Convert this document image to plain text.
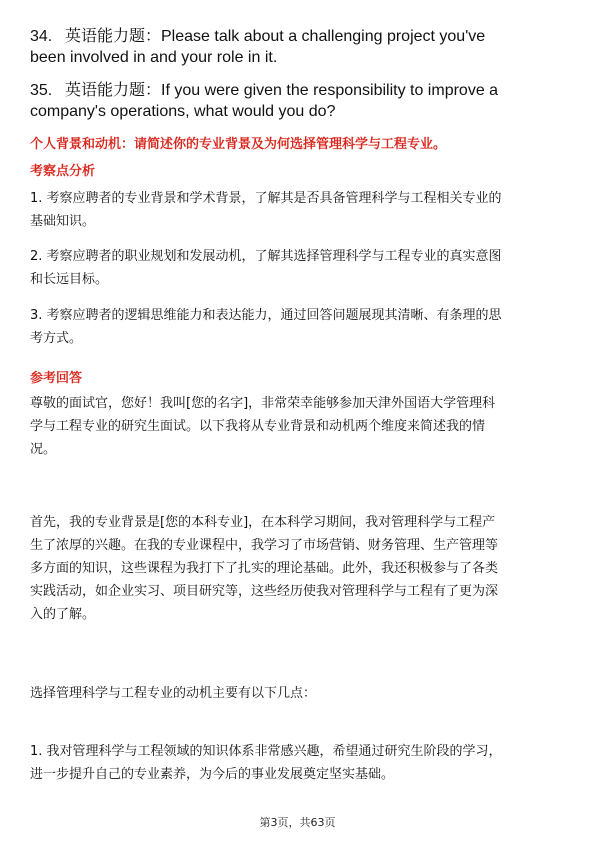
34. 英语能力题：Please talk about a challenging project you've
been involved in and your role in it.
35. 英语能力题：If you were given the responsibility to improve a
company's operations, what would you do?
个人背景和动机：请简述你的专业背景及为何选择管理科学与工程专业。
考察点分析
1. 考察应聘者的专业背景和学术背景，了解其是否具备管理科学与工程相关专业的
基础知识。
2. 考察应聘者的职业规划和发展动机，了解其选择管理科学与工程专业的真实意图
和长远目标。
3. 考察应聘者的逻辑思维能力和表达能力，通过回答问题展现其清晰、有条理的思
考方式。
参考回答
尊敬的面试官，您好！我叫[您的名字]，非常荣幸能够参加天津外国语大学管理科
学与工程专业的研究生面试。以下我将从专业背景和动机两个维度来简述我的情
况。
首先，我的专业背景是[您的本科专业]，在本科学习期间，我对管理科学与工程产
生了浓厚的兴趣。在我的专业课程中，我学习了市场营销、财务管理、生产管理等
多方面的知识，这些课程为我打下了扎实的理论基础。此外，我还积极参与了各类
实践活动，如企业实习、项目研究等，这些经历使我对管理科学与工程有了更为深
入的了解。
选择管理科学与工程专业的动机主要有以下几点：
1. 我对管理科学与工程领域的知识体系非常感兴趣，希望通过研究生阶段的学习，
进一步提升自己的专业素养，为今后的事业发展奠定坚实基础。
第3页，共63页
